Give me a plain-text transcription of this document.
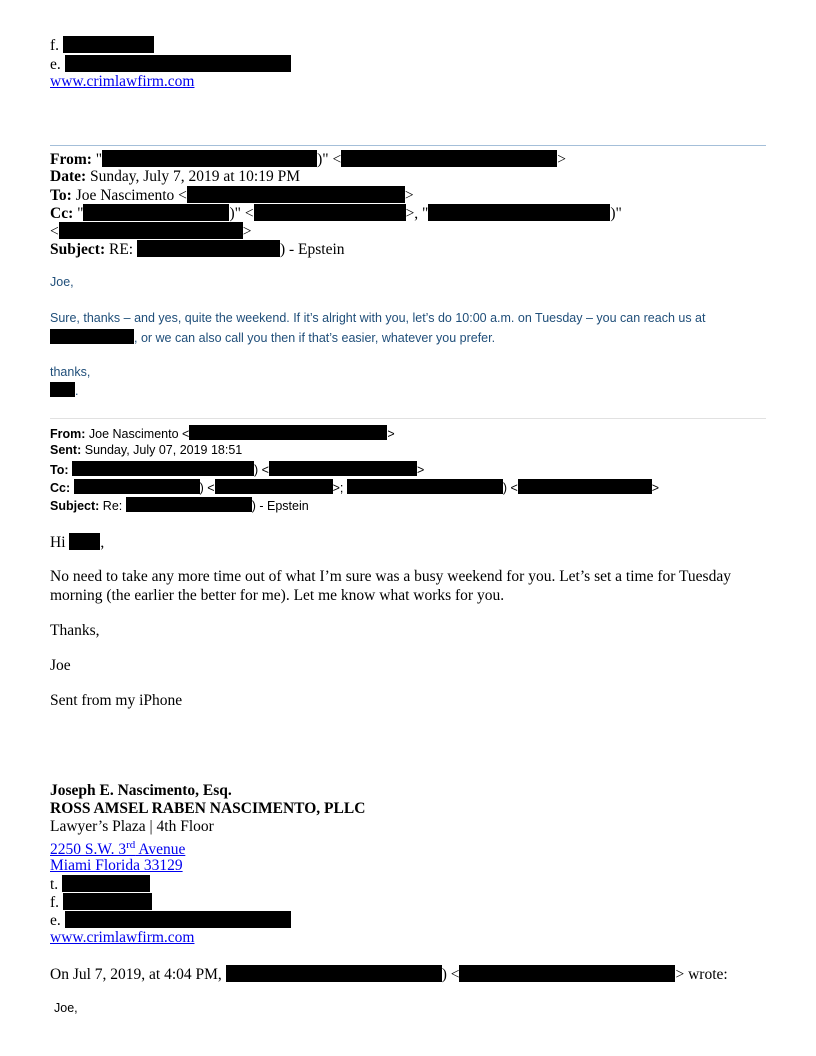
f.
e.
www.crimlawfirm.com
From: "	)" <	>
Date: Sunday, July 7, 2019 at 10:19 PM
To: Joe Nascimento <	>
Cc: "	)" <	>, "	)"
<	>
Subject: RE:	) - Epstein
Joe,
Sure, thanks – and yes, quite the weekend. If it’s alright with you, let’s do 10:00 a.m. on Tuesday – you can reach us at
, or we can also call you then if that’s easier, whatever you prefer.
thanks,
.
From: Joe Nascimento <	>
Sent: Sunday, July 07, 2019 18:51
To:	) <	>
Cc:	) <	>;	) <	>
Subject: Re:	) - Epstein
Hi ,
No need to take any more time out of what I’m sure was a busy weekend for you. Let’s set a time for Tuesday
morning (the earlier the better for me). Let me know what works for you.
Thanks,
Joe
Sent from my iPhone
Joseph E. Nascimento, Esq.
ROSS AMSEL RABEN NASCIMENTO, PLLC
Lawyer’s Plaza | 4th Floor
2250 S.W. 3rd Avenue
Miami Florida 33129
t.
f.
e.
www.crimlawfirm.com
On Jul 7, 2019, at 4:04 PM,	) <	> wrote:
Joe,
